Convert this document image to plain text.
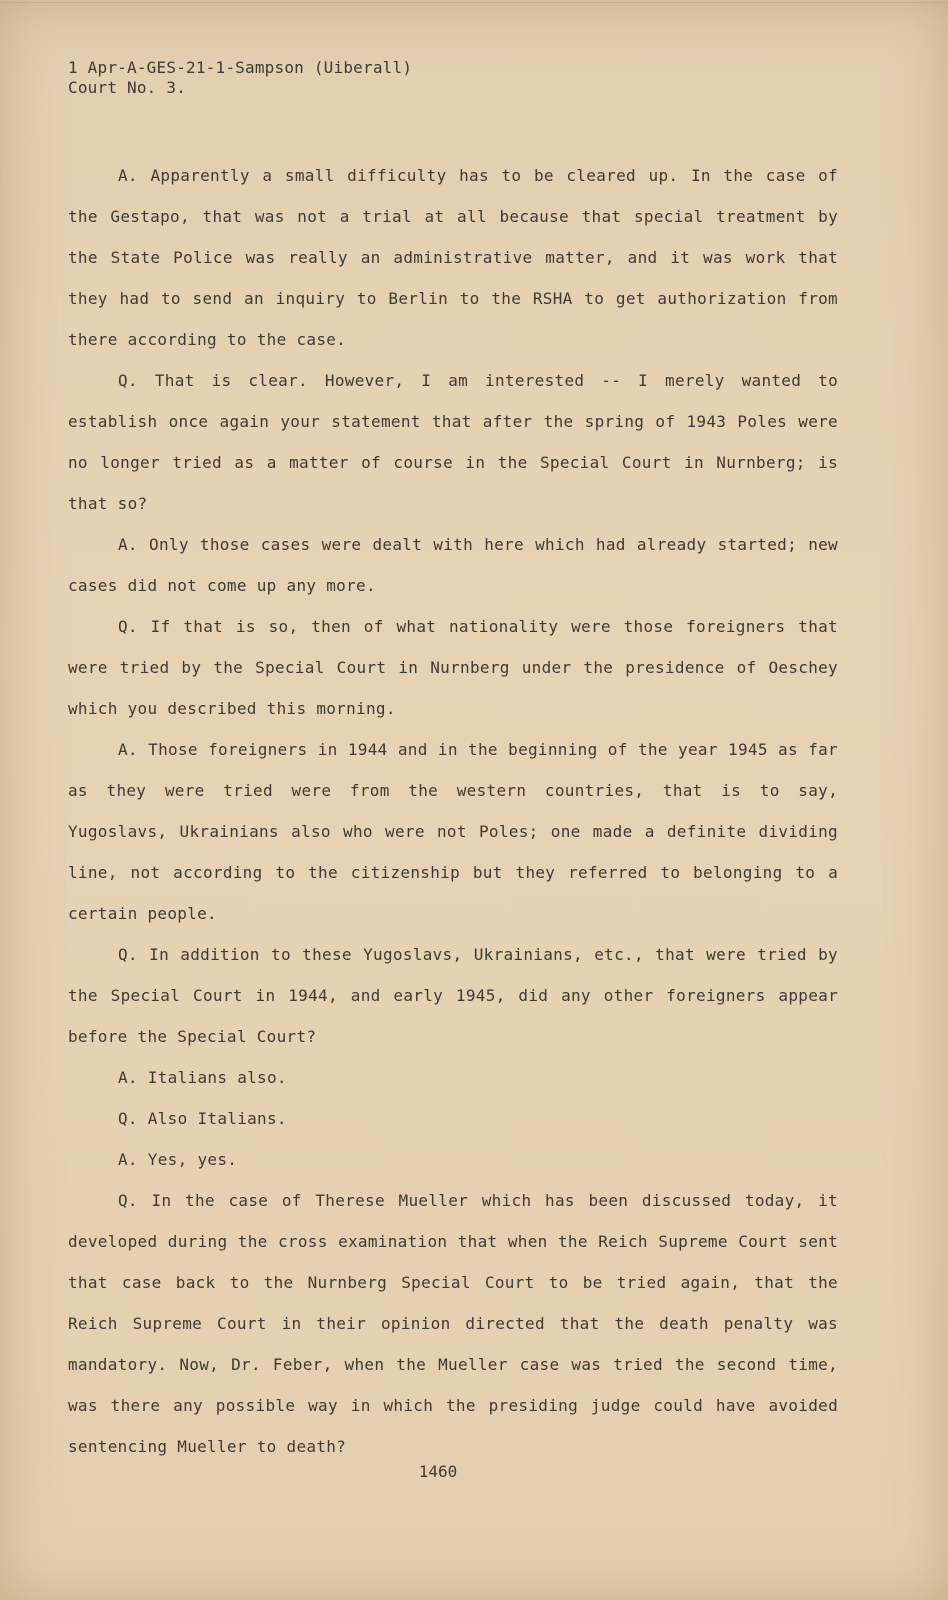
1 Apr-A-GES-21-1-Sampson (Uiberall)
Court No. 3.

A. Apparently a small difficulty has to be cleared up. In the case of the Gestapo, that was not a trial at all because that special treatment by the State Police was really an administrative matter, and it was work that they had to send an inquiry to Berlin to the RSHA to get authorization from there according to the case.

Q. That is clear. However, I am interested -- I merely wanted to establish once again your statement that after the spring of 1943 Poles were no longer tried as a matter of course in the Special Court in Nurnberg; is that so?

A. Only those cases were dealt with here which had already started; new cases did not come up any more.

Q. If that is so, then of what nationality were those foreigners that were tried by the Special Court in Nurnberg under the presidence of Oeschey which you described this morning.

A. Those foreigners in 1944 and in the beginning of the year 1945 as far as they were tried were from the western countries, that is to say, Yugoslavs, Ukrainians also who were not Poles; one made a definite dividing line, not according to the citizenship but they referred to belonging to a certain people.

Q. In addition to these Yugoslavs, Ukrainians, etc., that were tried by the Special Court in 1944, and early 1945, did any other foreigners appear before the Special Court?

A. Italians also.

Q. Also Italians.

A. Yes, yes.

Q. In the case of Therese Mueller which has been discussed today, it developed during the cross examination that when the Reich Supreme Court sent that case back to the Nurnberg Special Court to be tried again, that the Reich Supreme Court in their opinion directed that the death penalty was mandatory. Now, Dr. Feber, when the Mueller case was tried the second time, was there any possible way in which the presiding judge could have avoided sentencing Mueller to death?

1460
